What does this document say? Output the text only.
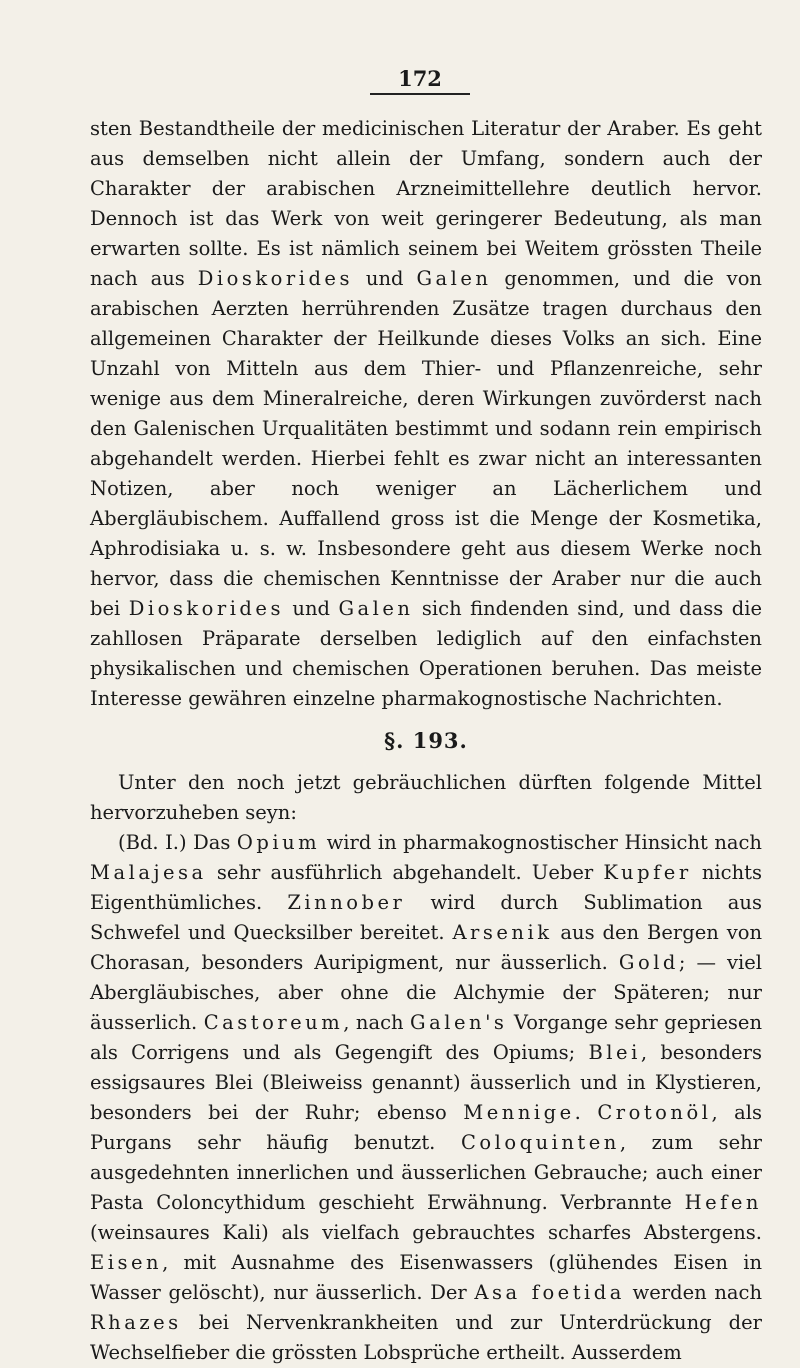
172

sten Bestandtheile der medicinischen Literatur der Araber. Es geht aus demselben nicht allein der Umfang, sondern auch der Charakter der arabischen Arzneimittellehre deutlich hervor. Dennoch ist das Werk von weit geringerer Bedeutung, als man erwarten sollte. Es ist nämlich seinem bei Weitem grössten Theile nach aus Dioskorides und Galen genommen, und die von arabischen Aerzten herrührenden Zusätze tragen durchaus den allgemeinen Charakter der Heilkunde dieses Volks an sich. Eine Unzahl von Mitteln aus dem Thier- und Pflanzenreiche, sehr wenige aus dem Mineralreiche, deren Wirkungen zuvörderst nach den Galenischen Urqualitäten bestimmt und sodann rein empirisch abgehandelt werden. Hierbei fehlt es zwar nicht an interessanten Notizen, aber noch weniger an Lächerlichem und Abergläubischem. Auffallend gross ist die Menge der Kosmetika, Aphrodisiaka u. s. w. Insbesondere geht aus diesem Werke noch hervor, dass die chemischen Kenntnisse der Araber nur die auch bei Dioskorides und Galen sich findenden sind, und dass die zahllosen Präparate derselben lediglich auf den einfachsten physikalischen und chemischen Operationen beruhen. Das meiste Interesse gewähren einzelne pharmakognostische Nachrichten.

§. 193.

Unter den noch jetzt gebräuchlichen dürften folgende Mittel hervorzuheben seyn:

(Bd. I.) Das Opium wird in pharmakognostischer Hinsicht nach Malajesa sehr ausführlich abgehandelt. Ueber Kupfer nichts Eigenthümliches. Zinnober wird durch Sublimation aus Schwefel und Quecksilber bereitet. Arsenik aus den Bergen von Chorasan, besonders Auripigment, nur äusserlich. Gold; — viel Abergläubisches, aber ohne die Alchymie der Späteren; nur äusserlich. Castoreum, nach Galen's Vorgange sehr gepriesen als Corrigens und als Gegengift des Opiums; Blei, besonders essigsaures Blei (Bleiweiss genannt) äusserlich und in Klystieren, besonders bei der Ruhr; ebenso Mennige. Crotonöl, als Purgans sehr häufig benutzt. Coloquinten, zum sehr ausgedehnten innerlichen und äusserlichen Gebrauche; auch einer Pasta Coloncythidum geschieht Erwähnung. Verbrannte Hefen (weinsaures Kali) als vielfach gebrauchtes scharfes Abstergens. Eisen, mit Ausnahme des Eisenwassers (glühendes Eisen in Wasser gelöscht), nur äusserlich. Der Asa foetida werden nach Rhazes bei Nervenkrankheiten und zur Unterdrückung der Wechselfieber die grössten Lobsprüche ertheilt. Ausserdem
